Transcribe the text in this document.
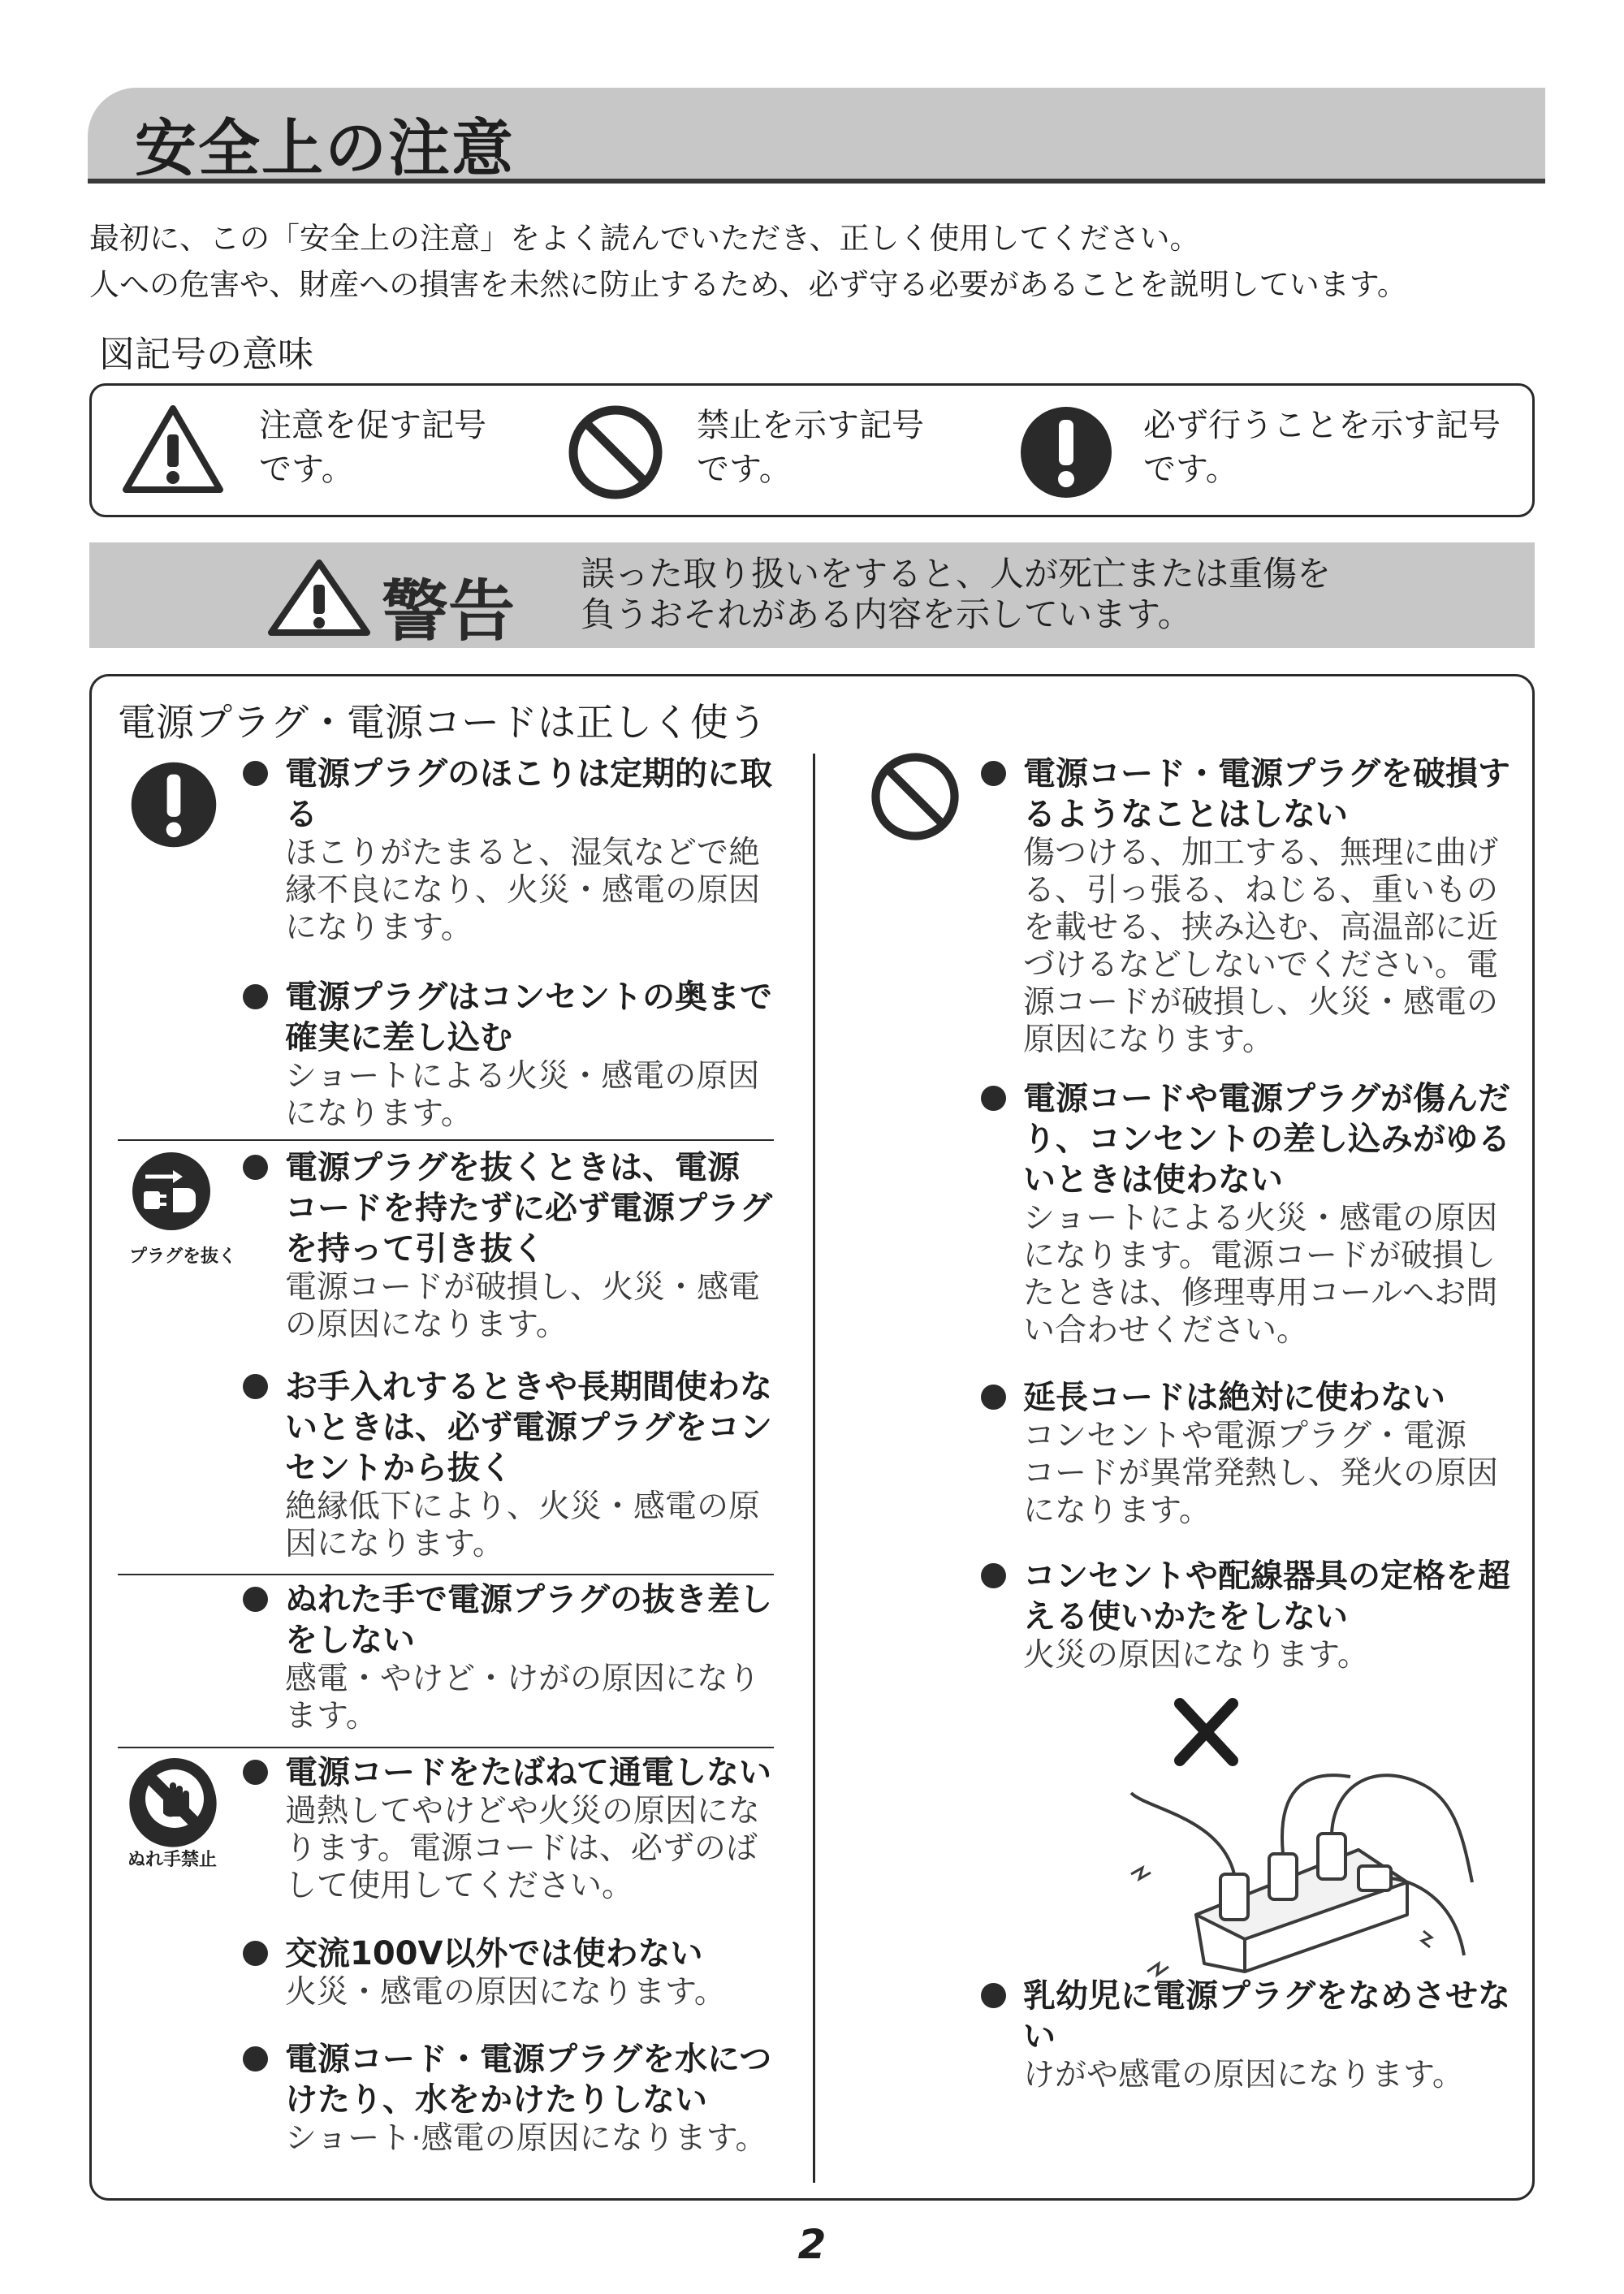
安全上の注意
最初に、この「安全上の注意」をよく読んでいただき、正しく使用してください。
人への危害や、財産への損害を未然に防止するため、必ず守る必要があることを説明しています。
図記号の意味
注意を促す記号
です。
禁止を示す記号
です。
必ず行うことを示す記号
です。
警告 誤った取り扱いをすると、人が死亡または重傷を
負うおそれがある内容を示しています。
電源プラグ・電源コードは正しく使う
プラグを抜く
ぬれ手禁止
電源プラグのほこりは定期的に取
る
ほこりがたまると、湿気などで絶
縁不良になり、火災・感電の原因
になります。
電源プラグはコンセントの奥まで
確実に差し込む
ショートによる火災・感電の原因
になります。
電源プラグを抜くときは、電源
コードを持たずに必ず電源プラグ
を持って引き抜く
電源コードが破損し、火災・感電
の原因になります。
お手入れするときや長期間使わな
いときは、必ず電源プラグをコン
セントから抜く
絶縁低下により、火災・感電の原
因になります。
ぬれた手で電源プラグの抜き差し
をしない
感電・やけど・けがの原因になり
ます。
電源コードをたばねて通電しない
過熱してやけどや火災の原因にな
ります。電源コードは、必ずのば
して使用してください。
交流100V以外では使わない
火災・感電の原因になります。
電源コード・電源プラグを水につ
けたり、水をかけたりしない
ショート·感電の原因になります。
電源コード・電源プラグを破損す
るようなことはしない
傷つける、加工する、無理に曲げ
る、引っ張る、ねじる、重いもの
を載せる、挟み込む、高温部に近
づけるなどしないでください。電
源コードが破損し、火災・感電の
原因になります。
電源コードや電源プラグが傷んだ
り、コンセントの差し込みがゆる
いときは使わない
ショートによる火災・感電の原因
になります。電源コードが破損し
たときは、修理専用コールへお問
い合わせください。
延長コードは絶対に使わない
コンセントや電源プラグ・電源
コードが異常発熱し、発火の原因
になります。
コンセントや配線器具の定格を超
える使いかたをしない
火災の原因になります。
乳幼児に電源プラグをなめさせない
けがや感電の原因になります。
2
